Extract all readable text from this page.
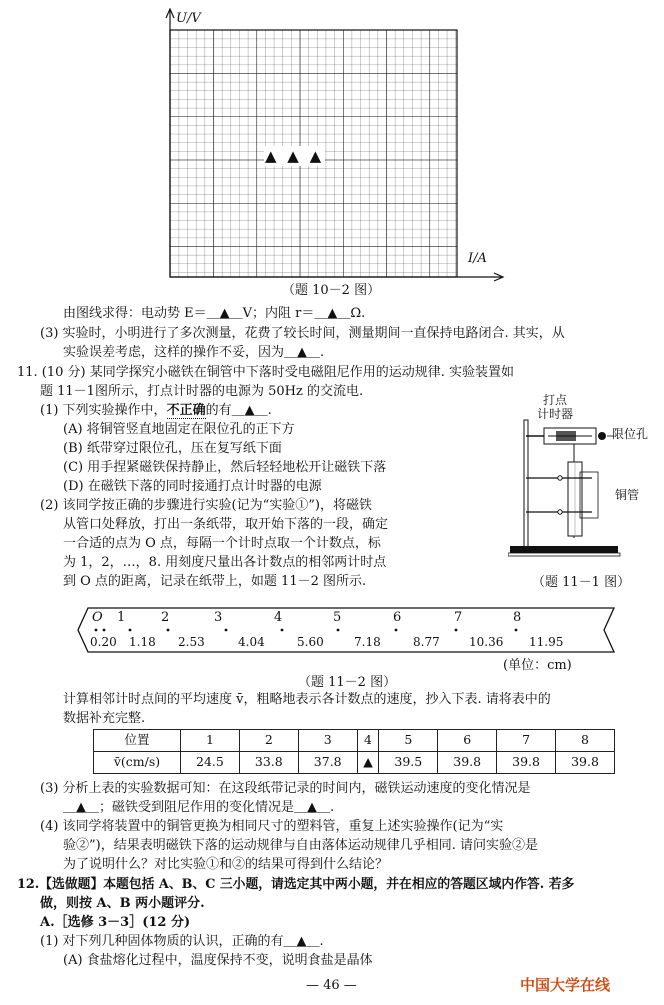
U/V
▲ ▲ ▲
I/A
（题 10－2 图）
由图线求得：电动势 E＝＿▲＿V；内阻 r＝＿▲＿Ω.
(3) 实验时，小明进行了多次测量，花费了较长时间，测量期间一直保持电路闭合. 其实，从
实验误差考虑，这样的操作不妥，因为＿▲＿.
11. (10 分) 某同学探究小磁铁在铜管中下落时受电磁阻尼作用的运动规律. 实验装置如
题 11－1图所示，打点计时器的电源为 50Hz 的交流电.
(1) 下列实验操作中，不正确的有＿▲＿.
(A) 将铜管竖直地固定在限位孔的正下方
(B) 纸带穿过限位孔，压在复写纸下面
(C) 用手捏紧磁铁保持静止，然后轻轻地松开让磁铁下落
(D) 在磁铁下落的同时接通打点计时器的电源
(2) 该同学按正确的步骤进行实验(记为“实验①”)，将磁铁
从管口处释放，打出一条纸带，取开始下落的一段，确定
一合适的点为 O 点，每隔一个计时点取一个计数点，标
为 1，2，…，8. 用刻度尺量出各计数点的相邻两计时点
到 O 点的距离，记录在纸带上，如题 11－2 图所示.
打点
计时器
限位孔
铜管
（题 11－1 图）
O 1	2	3	4	5	6	7	8
0.20 1.18 2.53	4.04	5.60	7.18	8.77 10.36 11.95
(单位：cm)
（题 11－2 图）
计算相邻计时点间的平均速度 v̄，粗略地表示各计数点的速度，抄入下表. 请将表中的
数据补充完整.
位置	1	2	3	4	5	6	7	8
v̄(cm/s)	24.5	33.8	37.8	▲	39.5	39.8	39.8	39.8
(3) 分析上表的实验数据可知：在这段纸带记录的时间内，磁铁运动速度的变化情况是
＿▲＿；磁铁受到阻尼作用的变化情况是＿▲＿.
(4) 该同学将装置中的铜管更换为相同尺寸的塑料管，重复上述实验操作(记为“实
验②”)，结果表明磁铁下落的运动规律与自由落体运动规律几乎相同. 请问实验②是
为了说明什么？对比实验①和②的结果可得到什么结论？
12.【选做题】本题包括 A、B、C 三小题，请选定其中两小题，并在相应的答题区域内作答. 若多
做，则按 A、B 两小题评分.
A.［选修 3－3］(12 分)
(1) 对下列几种固体物质的认识，正确的有＿▲＿.
(A) 食盐熔化过程中，温度保持不变，说明食盐是晶体
— 46 —	中国大学在线
